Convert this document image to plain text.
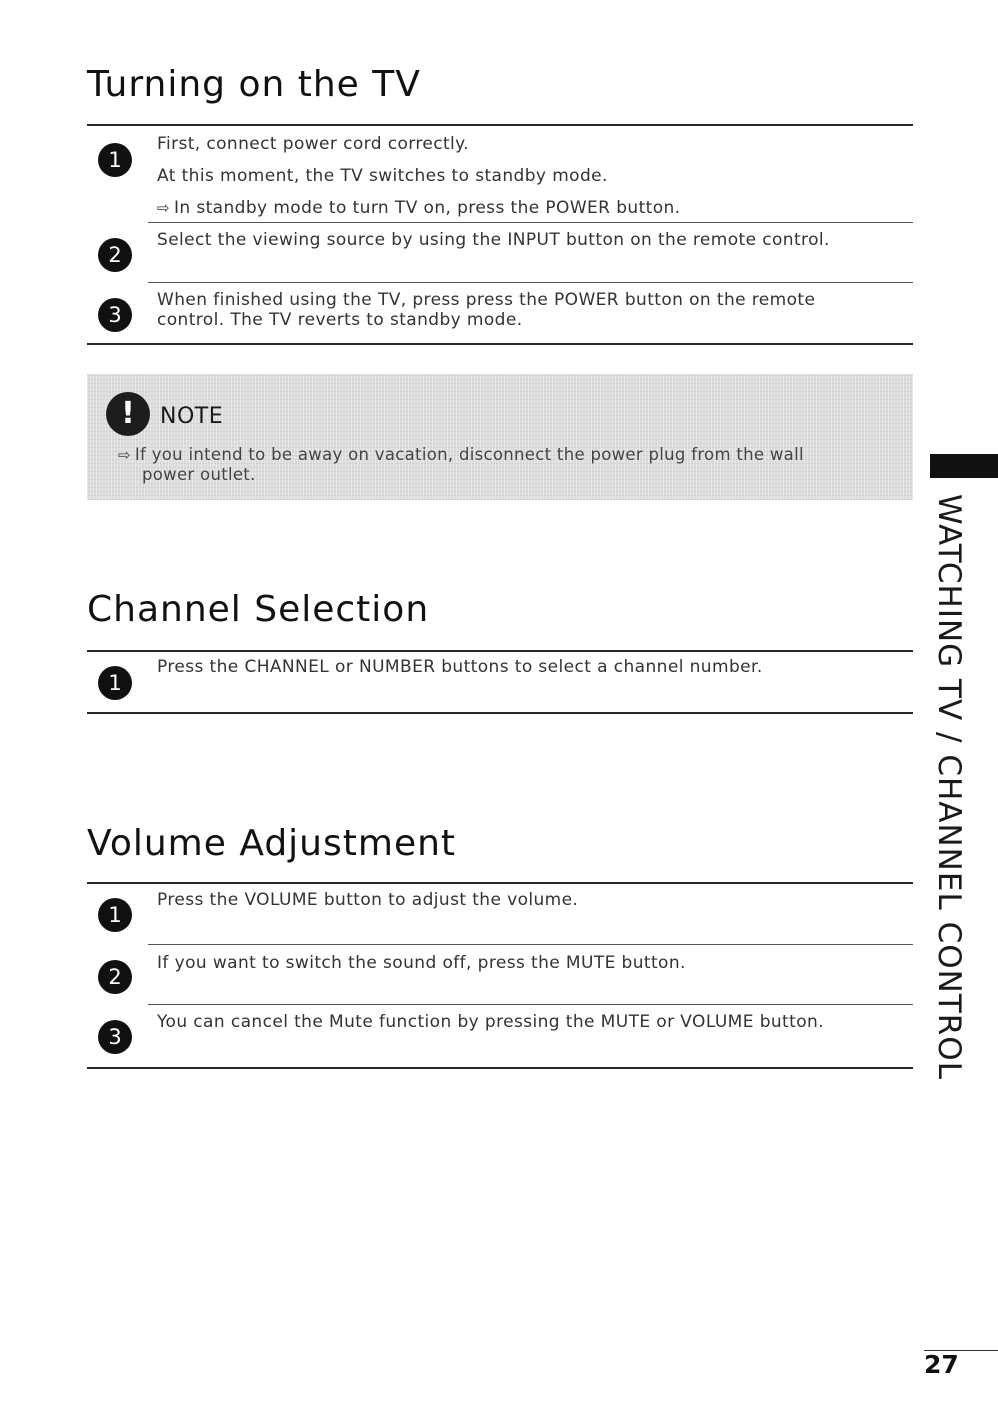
Turning on the TV
1

First, connect power cord correctly.

At this moment, the TV switches to standby mode.

⇨ In standby mode to turn TV on, press the POWER button.

2

Select the viewing source by using the INPUT button on the remote control.

3

When finished using the TV, press press the POWER button on the remote control. The TV reverts to standby mode.

!	NOTE

⇨ If you intend to be away on vacation, disconnect the power plug from the wall
power outlet.

Channel Selection
1

Press the CHANNEL or NUMBER buttons to select a channel number.

Volume Adjustment
1

Press the VOLUME button to adjust the volume.

2

If you want to switch the sound off, press the MUTE button.

3

You can cancel the Mute function by pressing the MUTE or VOLUME button.	WATCHING TV / CHANNEL CONTROL

27
